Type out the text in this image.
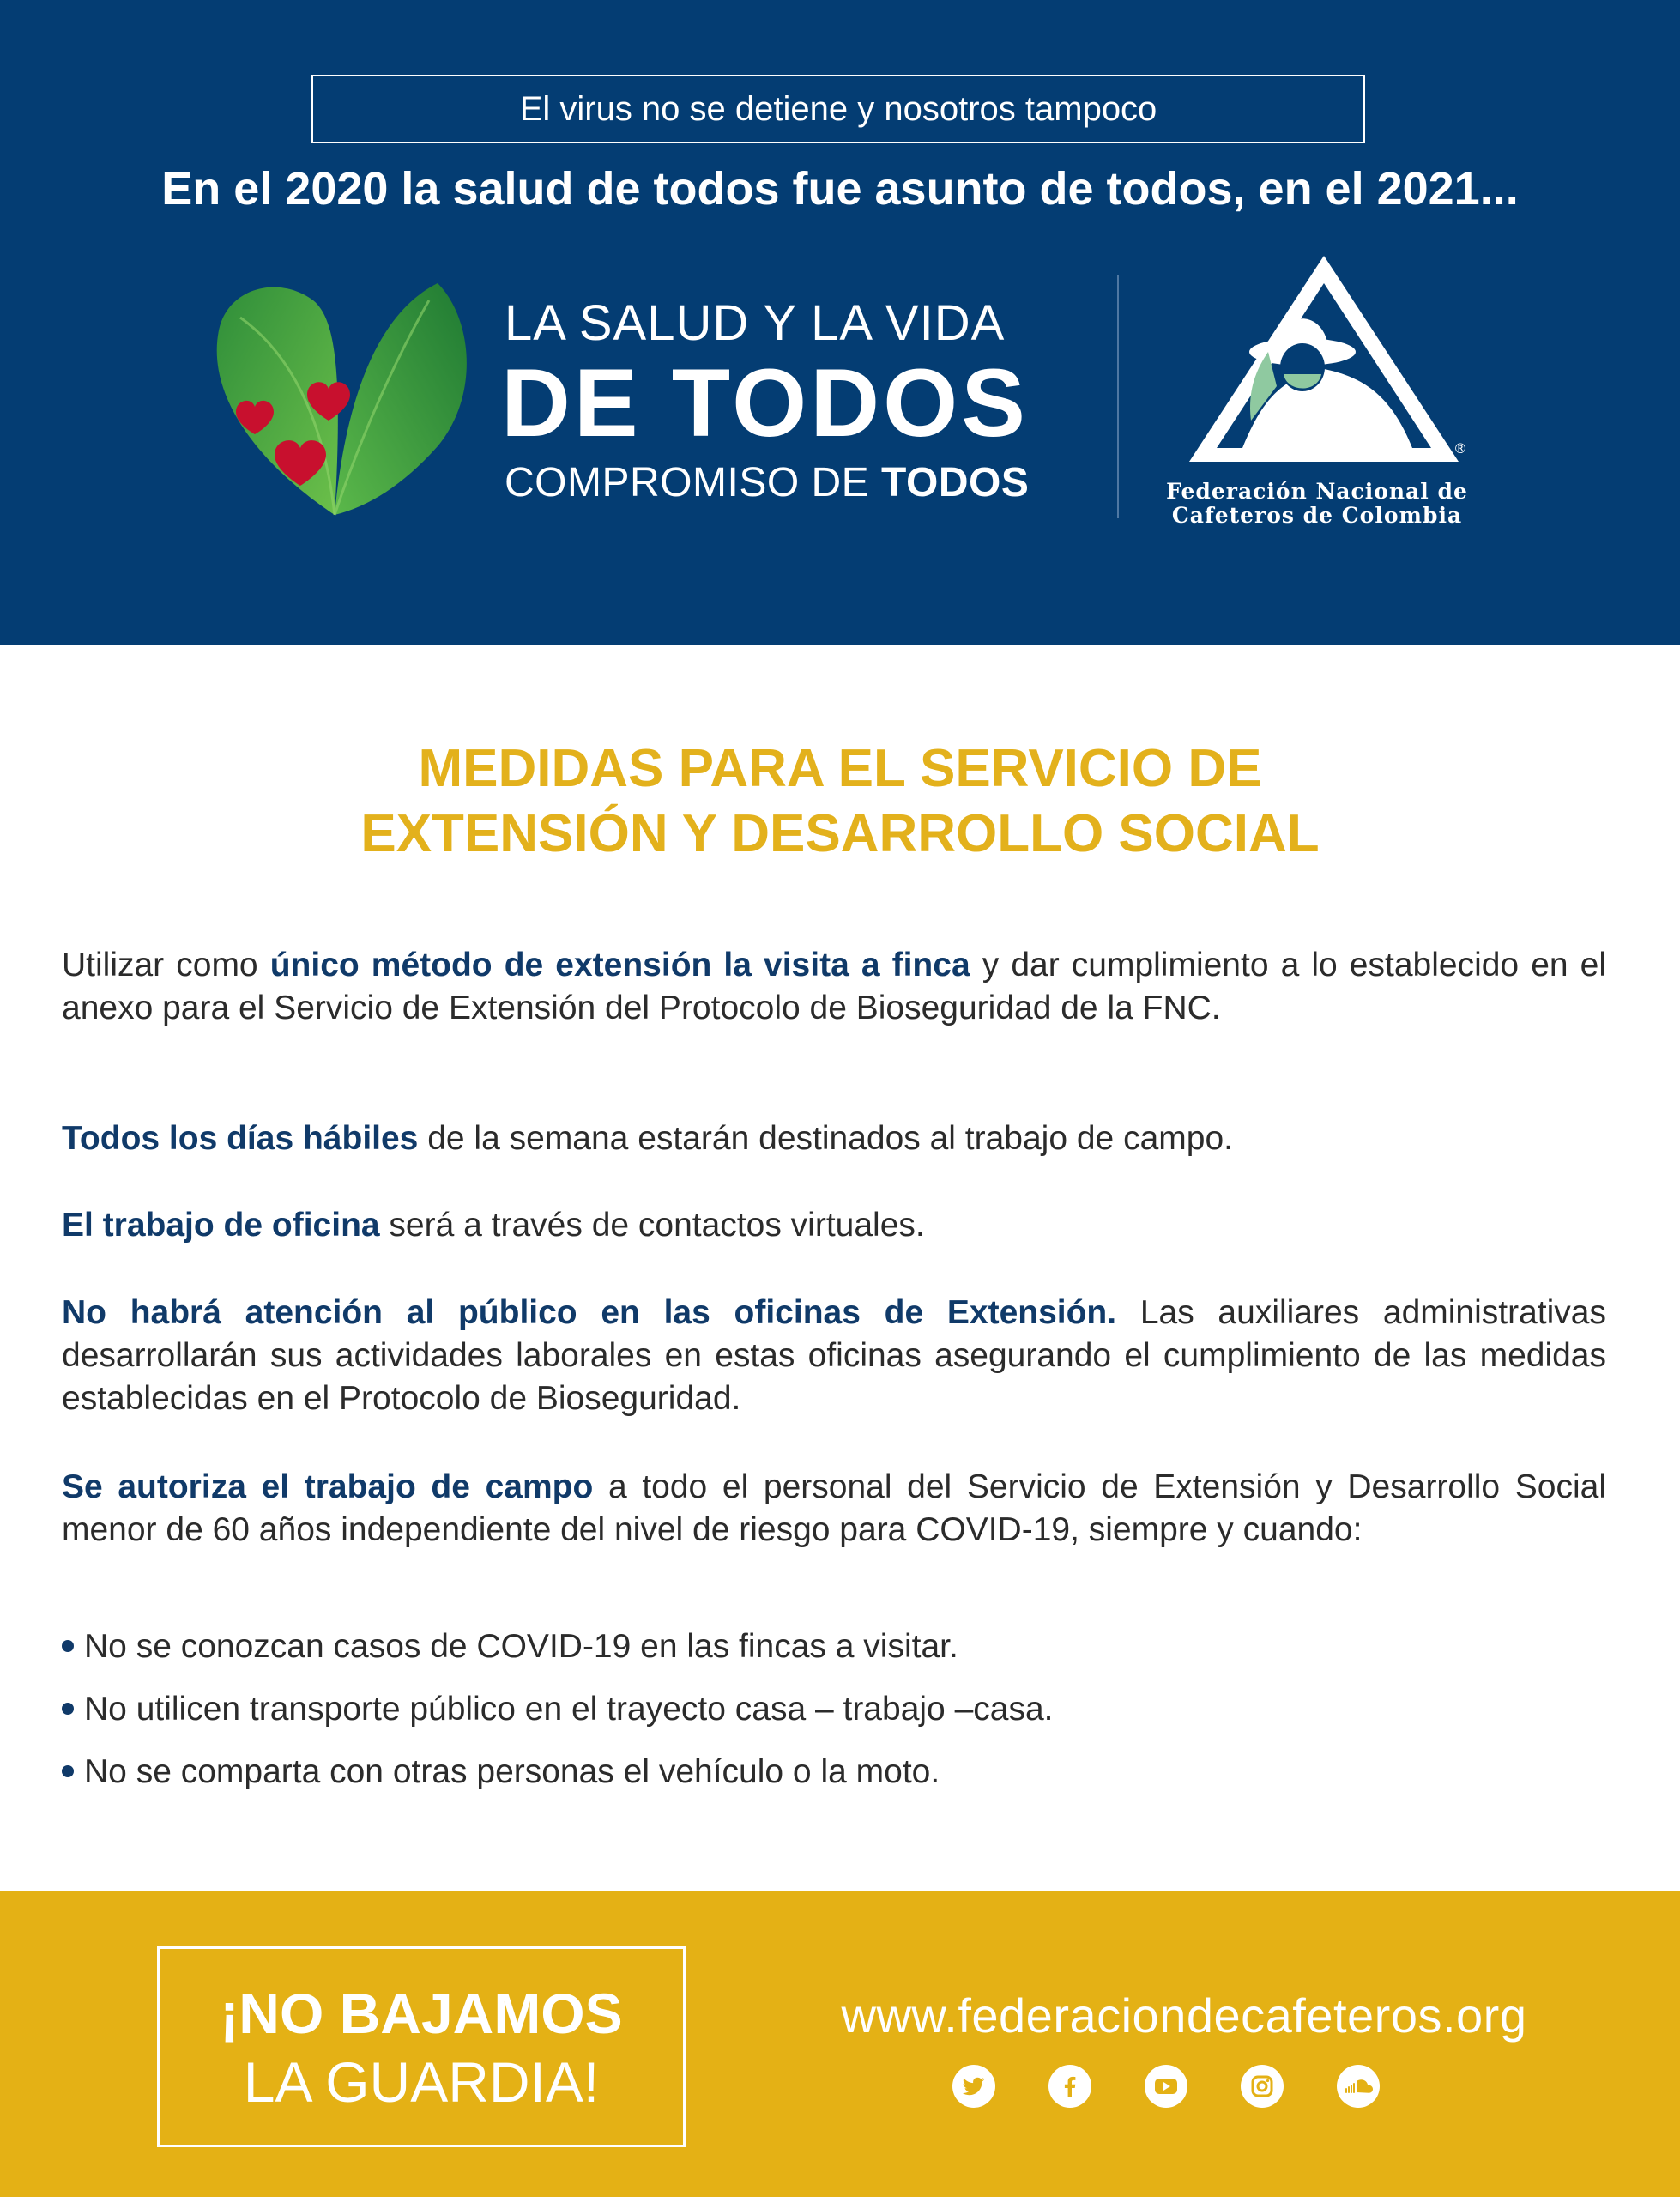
El virus no se detiene y nosotros tampoco
En el 2020 la salud de todos fue asunto de todos, en el 2021...
LA SALUD Y LA VIDA
DE TODOS
COMPROMISO DE TODOS
®
Federación Nacional de
Cafeteros de Colombia
MEDIDAS PARA EL SERVICIO DE
EXTENSIÓN Y DESARROLLO SOCIAL
Utilizar como único método de extensión la visita a finca y dar cumplimiento a lo establecido en el anexo para el Servicio de Extensión del Protocolo de Bioseguridad de la FNC.
Todos los días hábiles de la semana estarán destinados al trabajo de campo.
El trabajo de oficina será a través de contactos virtuales.
No habrá atención al público en las oficinas de Extensión. Las auxiliares administrativas desarrollarán sus actividades laborales en estas oficinas asegurando el cumplimiento de las medidas establecidas en el Protocolo de Bioseguridad.
Se autoriza el trabajo de campo a todo el personal del Servicio de Extensión y Desarrollo Social menor de 60 años independiente del nivel de riesgo para COVID-19, siempre y cuando:
No se conozcan casos de COVID-19 en las fincas a visitar.
No utilicen transporte público en el trayecto casa – trabajo –casa.
No se comparta con otras personas el vehículo o la moto.
¡NO BAJAMOS
LA GUARDIA!
www.federaciondecafeteros.org
